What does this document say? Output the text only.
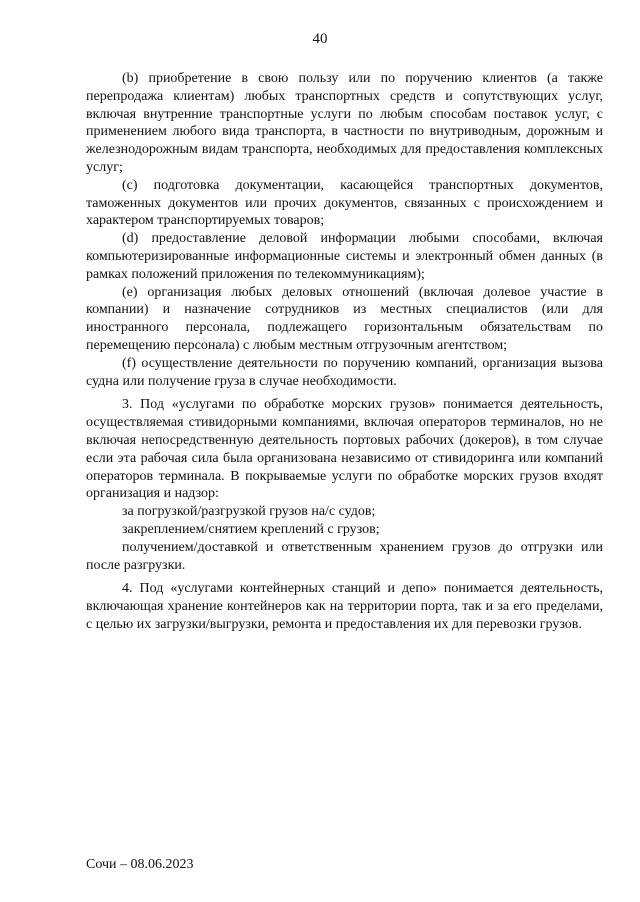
40

(b) приобретение в свою пользу или по поручению клиентов (а также перепродажа клиентам) любых транспортных средств и сопутствующих услуг, включая внутренние транспортные услуги по любым способам поставок услуг, с применением любого вида транспорта, в частности по внутриводным, дорожным и железнодорожным видам транспорта, необходимых для предоставления комплексных услуг;

(c) подготовка документации, касающейся транспортных документов, таможенных документов или прочих документов, связанных с происхождением и характером транспортируемых товаров;

(d) предоставление деловой информации любыми способами, включая компьютеризированные информационные системы и электронный обмен данных (в рамках положений приложения по телекоммуникациям);

(e) организация любых деловых отношений (включая долевое участие в компании) и назначение сотрудников из местных специалистов (или для иностранного персонала, подлежащего горизонтальным обязательствам по перемещению персонала) с любым местным отгрузочным агентством;

(f) осуществление деятельности по поручению компаний, организация вызова судна или получение груза в случае необходимости.

3. Под «услугами по обработке морских грузов» понимается деятельность, осуществляемая стивидорными компаниями, включая операторов терминалов, но не включая непосредственную деятельность портовых рабочих (докеров), в том случае если эта рабочая сила была организована независимо от стивидоринга или компаний операторов терминала. В покрываемые услуги по обработке морских грузов входят организация и надзор:

за погрузкой/разгрузкой грузов на/с судов;

закреплением/снятием креплений с грузов;

получением/доставкой и ответственным хранением грузов до отгрузки или после разгрузки.

4. Под «услугами контейнерных станций и депо» понимается деятельность, включающая хранение контейнеров как на территории порта, так и за его пределами, с целью их загрузки/выгрузки, ремонта и предоставления их для перевозки грузов.

Сочи – 08.06.2023
